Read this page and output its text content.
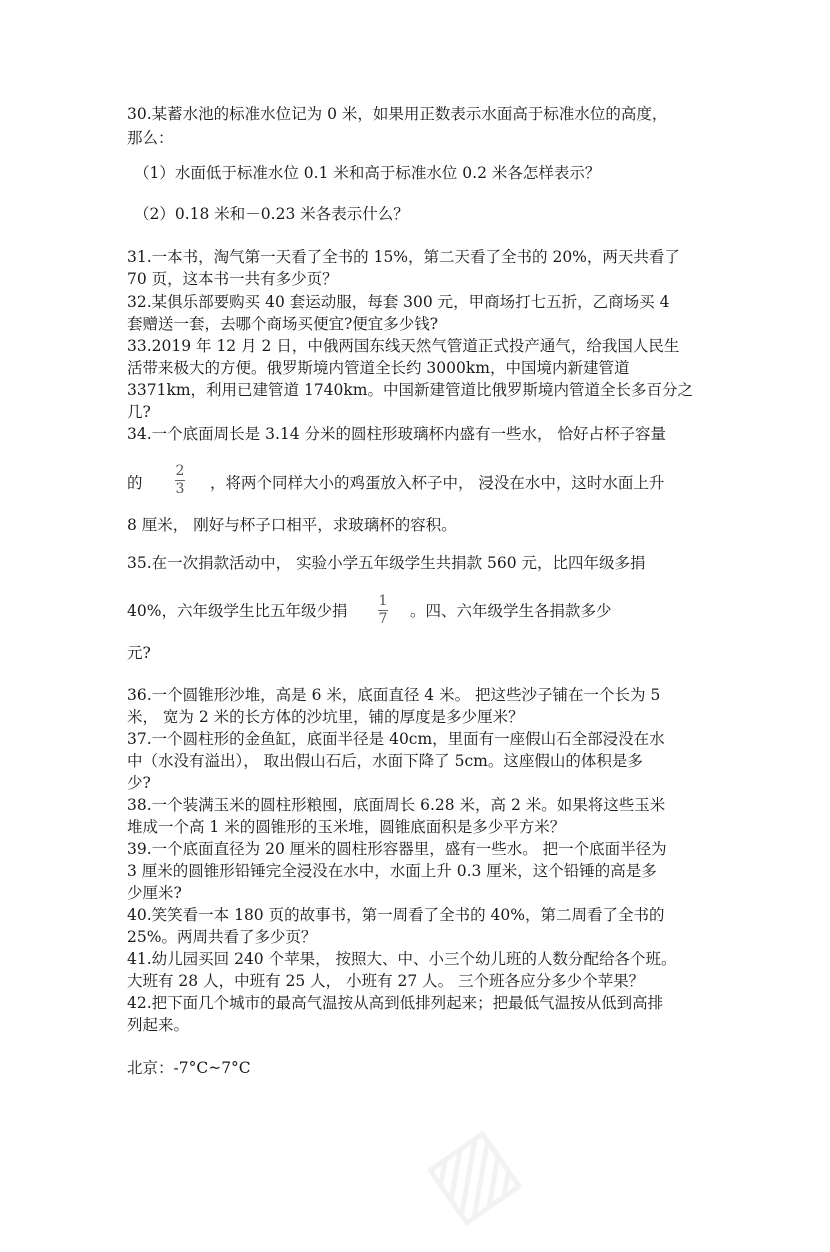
▨
30.某蓄水池的标准水位记为 0 米，如果用正数表示水面高于标准水位的高度，
那么：
（1）水面低于标准水位 0.1 米和高于标准水位 0.2 米各怎样表示？
（2）0.18 米和－0.23 米各表示什么？
31.一本书，淘气第一天看了全书的 15%，第二天看了全书的 20%，两天共看了
70 页，这本书一共有多少页？
32.某俱乐部要购买 40 套运动服，每套 300 元，甲商场打七五折，乙商场买 4
套赠送一套，去哪个商场买便宜?便宜多少钱?
33.2019 年 12 月 2 日，中俄两国东线天然气管道正式投产通气，给我国人民生
活带来极大的方便。俄罗斯境内管道全长约 3000km，中国境内新建管道
3371km，利用已建管道 1740km。中国新建管道比俄罗斯境内管道全长多百分之
几?
34.一个底面周长是 3.14 分米的圆柱形玻璃杯内盛有一些水， 恰好占杯子容量
的
2
3 ，将两个同样大小的鸡蛋放入杯子中， 浸没在水中，这时水面上升
8 厘米， 刚好与杯子口相平，求玻璃杯的容积。
35.在一次捐款活动中， 实验小学五年级学生共捐款 560 元，比四年级多捐
40%，六年级学生比五年级少捐
1
7 。四、六年级学生各捐款多少
元?
36.一个圆锥形沙堆，高是 6 米，底面直径 4 米。 把这些沙子铺在一个长为 5
米， 宽为 2 米的长方体的沙坑里，铺的厚度是多少厘米？
37.一个圆柱形的金鱼缸，底面半径是 40cm，里面有一座假山石全部浸没在水
中（水没有溢出）， 取出假山石后，水面下降了 5cm。这座假山的体积是多
少?
38.一个装满玉米的圆柱形粮囤，底面周长 6.28 米，高 2 米。如果将这些玉米
堆成一个高 1 米的圆锥形的玉米堆，圆锥底面积是多少平方米？
39.一个底面直径为 20 厘米的圆柱形容器里，盛有一些水。 把一个底面半径为
3 厘米的圆锥形铅锤完全浸没在水中，水面上升 0.3 厘米，这个铅锤的高是多
少厘米?
40.笑笑看一本 180 页的故事书，第一周看了全书的 40%，第二周看了全书的
25%。两周共看了多少页？
41.幼儿园买回 240 个苹果， 按照大、中、小三个幼儿班的人数分配给各个班。
大班有 28 人，中班有 25 人， 小班有 27 人。 三个班各应分多少个苹果？
42.把下面几个城市的最高气温按从高到低排列起来；把最低气温按从低到高排
列起来。
北京：-7°C~7°C
